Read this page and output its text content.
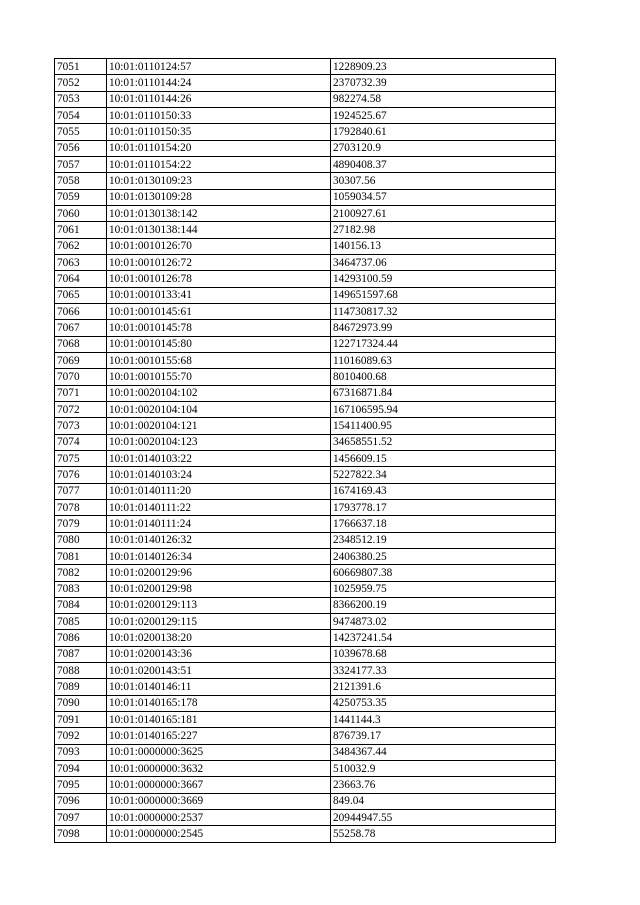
7051	10:01:0110124:57	1228909.23
7052	10:01:0110144:24	2370732.39
7053	10:01:0110144:26	982274.58
7054	10:01:0110150:33	1924525.67
7055	10:01:0110150:35	1792840.61
7056	10:01:0110154:20	2703120.9
7057	10:01:0110154:22	4890408.37
7058	10:01:0130109:23	30307.56
7059	10:01:0130109:28	1059034.57
7060	10:01:0130138:142	2100927.61
7061	10:01:0130138:144	27182.98
7062	10:01:0010126:70	140156.13
7063	10:01:0010126:72	3464737.06
7064	10:01:0010126:78	14293100.59
7065	10:01:0010133:41	149651597.68
7066	10:01:0010145:61	114730817.32
7067	10:01:0010145:78	84672973.99
7068	10:01:0010145:80	122717324.44
7069	10:01:0010155:68	11016089.63
7070	10:01:0010155:70	8010400.68
7071	10:01:0020104:102	67316871.84
7072	10:01:0020104:104	167106595.94
7073	10:01:0020104:121	15411400.95
7074	10:01:0020104:123	34658551.52
7075	10:01:0140103:22	1456609.15
7076	10:01:0140103:24	5227822.34
7077	10:01:0140111:20	1674169.43
7078	10:01:0140111:22	1793778.17
7079	10:01:0140111:24	1766637.18
7080	10:01:0140126:32	2348512.19
7081	10:01:0140126:34	2406380.25
7082	10:01:0200129:96	60669807.38
7083	10:01:0200129:98	1025959.75
7084	10:01:0200129:113	8366200.19
7085	10:01:0200129:115	9474873.02
7086	10:01:0200138:20	14237241.54
7087	10:01:0200143:36	1039678.68
7088	10:01:0200143:51	3324177.33
7089	10:01:0140146:11	2121391.6
7090	10:01:0140165:178	4250753.35
7091	10:01:0140165:181	1441144.3
7092	10:01:0140165:227	876739.17
7093	10:01:0000000:3625	3484367.44
7094	10:01:0000000:3632	510032.9
7095	10:01:0000000:3667	23663.76
7096	10:01:0000000:3669	849.04
7097	10:01:0000000:2537	20944947.55
7098	10:01:0000000:2545	55258.78
